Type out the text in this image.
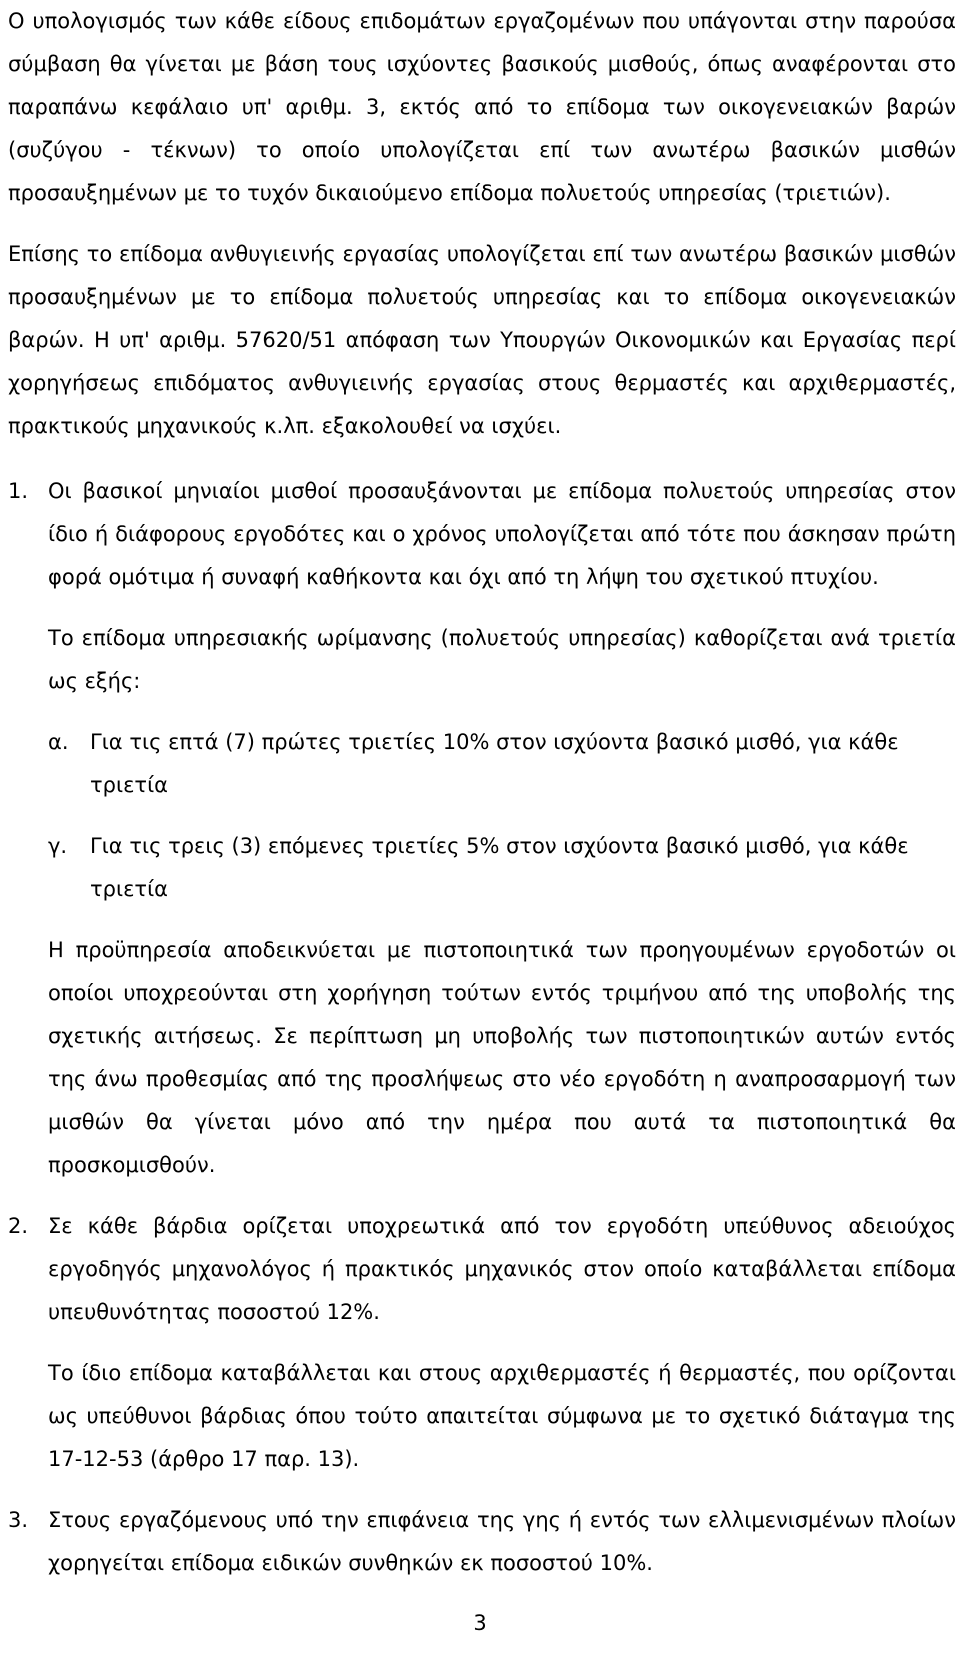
Ο υπολογισμός των κάθε είδους επιδομάτων εργαζομένων που υπάγονται στην παρούσα σύμβαση θα γίνεται με βάση τους ισχύοντες βασικούς μισθούς, όπως αναφέρονται στο παραπάνω κεφάλαιο υπ' αριθμ. 3, εκτός από το επίδομα των οικογενειακών βαρών (συζύγου - τέκνων) το οποίο υπολογίζεται επί των ανωτέρω βασικών μισθών προσαυξημένων με το τυχόν δικαιούμενο επίδομα πολυετούς υπηρεσίας (τριετιών).

Επίσης το επίδομα ανθυγιεινής εργασίας υπολογίζεται επί των ανωτέρω βασικών μισθών προσαυξημένων με το επίδομα πολυετούς υπηρεσίας και το επίδομα οικογενειακών βαρών. Η υπ' αριθμ. 57620/51 απόφαση των Υπουργών Οικονομικών και Εργασίας περί χορηγήσεως επιδόματος ανθυγιεινής εργασίας στους θερμαστές και αρχιθερμαστές, πρακτικούς μηχανικούς κ.λπ. εξακολουθεί να ισχύει.

1. Οι βασικοί μηνιαίοι μισθοί προσαυξάνονται με επίδομα πολυετούς υπηρεσίας στον ίδιο ή διάφορους εργοδότες και ο χρόνος υπολογίζεται από τότε που άσκησαν πρώτη φορά ομότιμα ή συναφή καθήκοντα και όχι από τη λήψη του σχετικού πτυχίου.

Το επίδομα υπηρεσιακής ωρίμανσης (πολυετούς υπηρεσίας) καθορίζεται ανά τριετία ως εξής:

α.	Για τις επτά (7) πρώτες τριετίες 10% στον ισχύοντα βασικό μισθό, για κάθε τριετία
γ.	Για τις τρεις (3) επόμενες τριετίες 5% στον ισχύοντα βασικό μισθό, για κάθε τριετία

Η προϋπηρεσία αποδεικνύεται με πιστοποιητικά των προηγουμένων εργοδοτών οι οποίοι υποχρεούνται στη χορήγηση τούτων εντός τριμήνου από της υποβολής της σχετικής αιτήσεως. Σε περίπτωση μη υποβολής των πιστοποιητικών αυτών εντός της άνω προθεσμίας από της προσλήψεως στο νέο εργοδότη η αναπροσαρμογή των μισθών θα γίνεται μόνο από την ημέρα που αυτά τα πιστοποιητικά θα προσκομισθούν.

2. Σε κάθε βάρδια ορίζεται υποχρεωτικά από τον εργοδότη υπεύθυνος αδειούχος εργοδηγός μηχανολόγος ή πρακτικός μηχανικός στον οποίο καταβάλλεται επίδομα υπευθυνότητας ποσοστού 12%.

Το ίδιο επίδομα καταβάλλεται και στους αρχιθερμαστές ή θερμαστές, που ορίζονται ως υπεύθυνοι βάρδιας όπου τούτο απαιτείται σύμφωνα με το σχετικό διάταγμα της 17-12-53 (άρθρο 17 παρ. 13).

3. Στους εργαζόμενους υπό την επιφάνεια της γης ή εντός των ελλιμενισμένων πλοίων χορηγείται επίδομα ειδικών συνθηκών εκ ποσοστού 10%.

3
